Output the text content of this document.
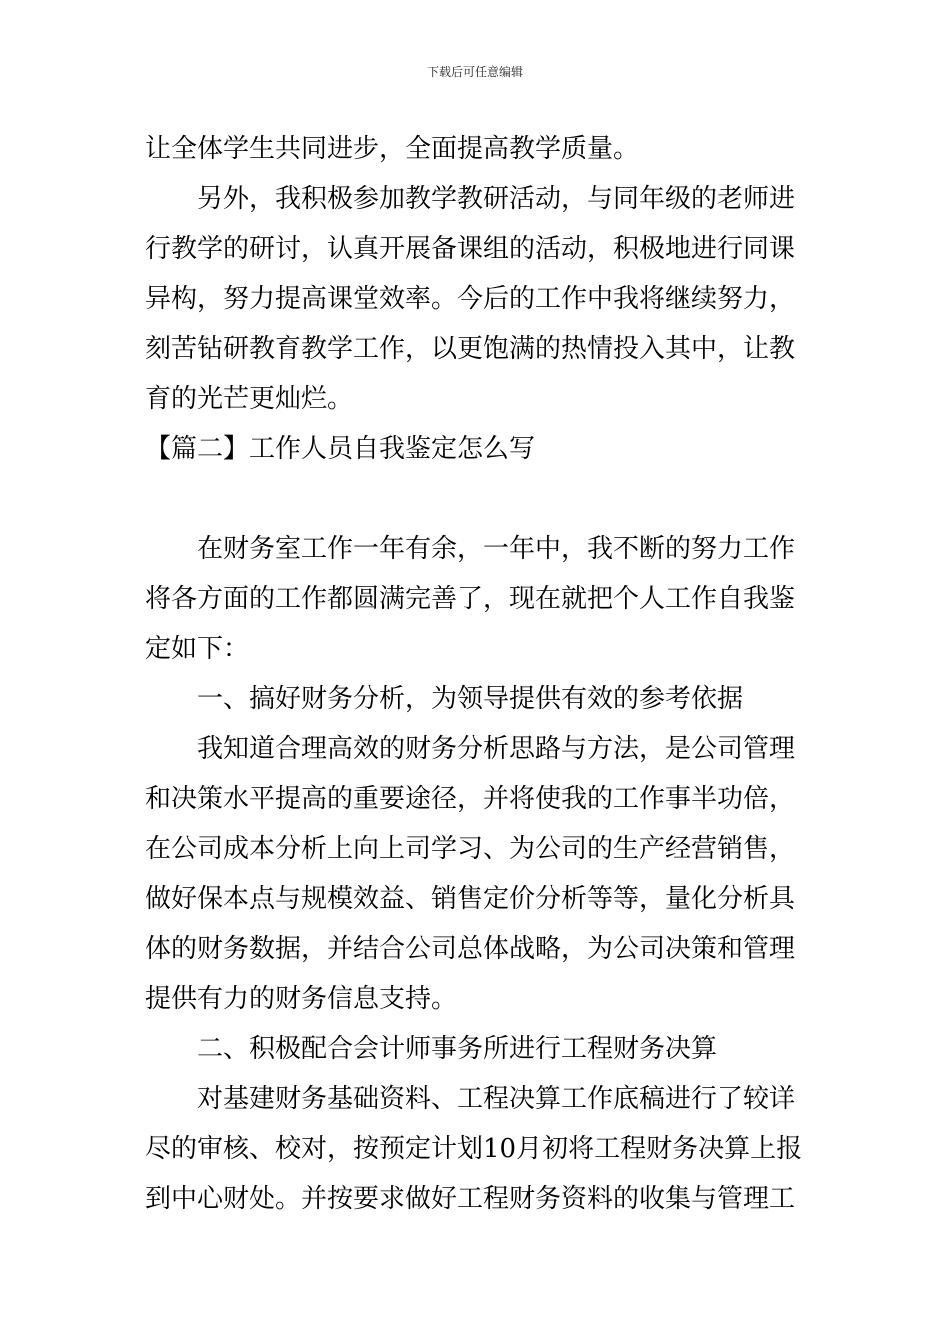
下载后可任意编辑

让全体学生共同进步，全面提高教学质量。

另外，我积极参加教学教研活动，与同年级的老师进行教学的研讨，认真开展备课组的活动，积极地进行同课异构，努力提高课堂效率。今后的工作中我将继续努力，刻苦钻研教育教学工作，以更饱满的热情投入其中，让教育的光芒更灿烂。

【篇二】工作人员自我鉴定怎么写

在财务室工作一年有余，一年中，我不断的努力工作将各方面的工作都圆满完善了，现在就把个人工作自我鉴定如下：

一、搞好财务分析，为领导提供有效的参考依据

我知道合理高效的财务分析思路与方法，是公司管理和决策水平提高的重要途径，并将使我的工作事半功倍，在公司成本分析上向上司学习、为公司的生产经营销售，做好保本点与规模效益、销售定价分析等等，量化分析具体的财务数据，并结合公司总体战略，为公司决策和管理提供有力的财务信息支持。

二、积极配合会计师事务所进行工程财务决算

对基建财务基础资料、工程决算工作底稿进行了较详尽的审核、校对，按预定计划10月初将工程财务决算上报到中心财处。并按要求做好工程财务资料的收集与管理工
